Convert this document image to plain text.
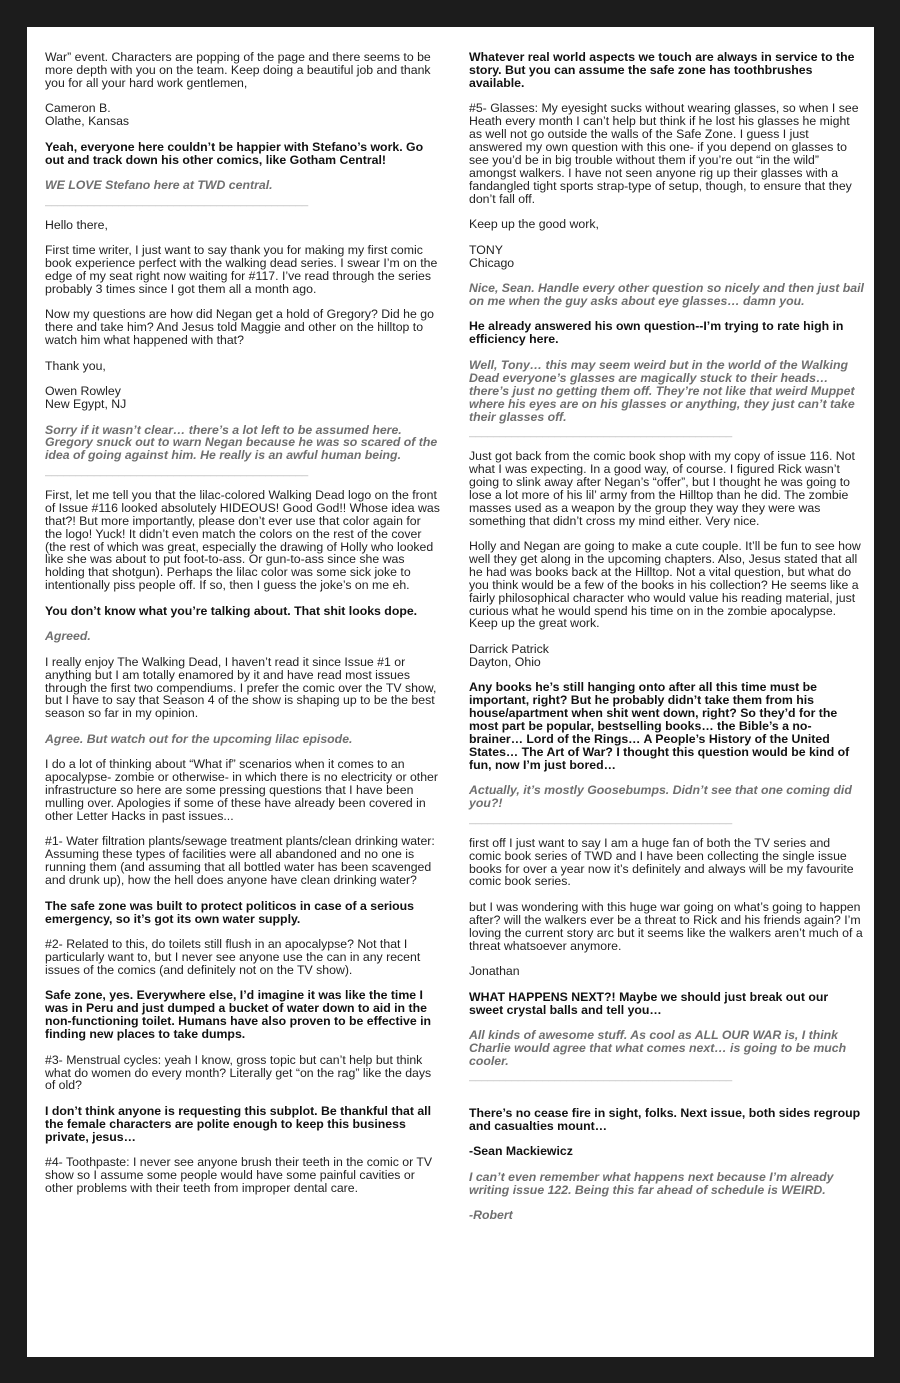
War” event. Characters are popping of the page and there seems to be more depth with you on the team. Keep doing a beautiful job and thank you for all your hard work gentlemen,

Cameron B.
Olathe, Kansas

Yeah, everyone here couldn’t be happier with Stefano’s work. Go out and track down his other comics, like Gotham Central!

WE LOVE Stefano here at TWD central.

___________________________________________

Hello there,

First time writer, I just want to say thank you for making my first comic book experience perfect with the walking dead series. I swear I’m on the edge of my seat right now waiting for #117. I’ve read through the series probably 3 times since I got them all a month ago.

Now my questions are how did Negan get a hold of Gregory? Did he go there and take him? And Jesus told Maggie and other on the hilltop to watch him what happened with that?

Thank you,

Owen Rowley
New Egypt, NJ

Sorry if it wasn’t clear… there’s a lot left to be assumed here. Gregory snuck out to warn Negan because he was so scared of the idea of going against him. He really is an awful human being.

___________________________________________

First, let me tell you that the lilac-colored Walking Dead logo on the front of Issue #116 looked absolutely HIDEOUS! Good God!! Whose idea was that?! But more importantly, please don’t ever use that color again for the logo! Yuck! It didn’t even match the colors on the rest of the cover (the rest of which was great, especially the drawing of Holly who looked like she was about to put foot-to-ass. Or gun-to-ass since she was holding that shotgun). Perhaps the lilac color was some sick joke to intentionally piss people off. If so, then I guess the joke’s on me eh.

You don’t know what you’re talking about. That shit looks dope.

Agreed.

I really enjoy The Walking Dead, I haven’t read it since Issue #1 or anything but I am totally enamored by it and have read most issues through the first two compendiums. I prefer the comic over the TV show, but I have to say that Season 4 of the show is shaping up to be the best season so far in my opinion.

Agree. But watch out for the upcoming lilac episode.

I do a lot of thinking about “What if” scenarios when it comes to an apocalypse- zombie or otherwise- in which there is no electricity or other infrastructure so here are some pressing questions that I have been mulling over. Apologies if some of these have already been covered in other Letter Hacks in past issues...

#1- Water filtration plants/sewage treatment plants/clean drinking water: Assuming these types of facilities were all abandoned and no one is running them (and assuming that all bottled water has been scavenged and drunk up), how the hell does anyone have clean drinking water?

The safe zone was built to protect politicos in case of a serious emergency, so it’s got its own water supply.

#2- Related to this, do toilets still flush in an apocalypse? Not that I particularly want to, but I never see anyone use the can in any recent issues of the comics (and definitely not on the TV show).

Safe zone, yes. Everywhere else, I’d imagine it was like the time I was in Peru and just dumped a bucket of water down to aid in the non-functioning toilet. Humans have also proven to be effective in finding new places to take dumps.

#3- Menstrual cycles: yeah I know, gross topic but can’t help but think what do women do every month? Literally get “on the rag” like the days of old?

I don’t think anyone is requesting this subplot. Be thankful that all the female characters are polite enough to keep this business private, jesus…

#4- Toothpaste: I never see anyone brush their teeth in the comic or TV show so I assume some people would have some painful cavities or other problems with their teeth from improper dental care.

Whatever real world aspects we touch are always in service to the story. But you can assume the safe zone has toothbrushes available.

#5- Glasses: My eyesight sucks without wearing glasses, so when I see Heath every month I can’t help but think if he lost his glasses he might as well not go outside the walls of the Safe Zone. I guess I just answered my own question with this one- if you depend on glasses to see you’d be in big trouble without them if you’re out “in the wild” amongst walkers. I have not seen anyone rig up their glasses with a fandangled tight sports strap-type of setup, though, to ensure that they don’t fall off.

Keep up the good work,

TONY
Chicago

Nice, Sean. Handle every other question so nicely and then just bail on me when the guy asks about eye glasses… damn you.

He already answered his own question--I’m trying to rate high in efficiency here.

Well, Tony… this may seem weird but in the world of the Walking Dead everyone’s glasses are magically stuck to their heads… there’s just no getting them off. They’re not like that weird Muppet where his eyes are on his glasses or anything, they just can’t take their glasses off.

___________________________________________

Just got back from the comic book shop with my copy of issue 116. Not what I was expecting. In a good way, of course. I figured Rick wasn’t going to slink away after Negan’s “offer”, but I thought he was going to lose a lot more of his lil’ army from the Hilltop than he did. The zombie masses used as a weapon by the group they way they were was something that didn’t cross my mind either. Very nice.

Holly and Negan are going to make a cute couple. It’ll be fun to see how well they get along in the upcoming chapters. Also, Jesus stated that all he had was books back at the Hilltop. Not a vital question, but what do you think would be a few of the books in his collection? He seems like a fairly philosophical character who would value his reading material, just curious what he would spend his time on in the zombie apocalypse. Keep up the great work.

Darrick Patrick
Dayton, Ohio

Any books he’s still hanging onto after all this time must be important, right? But he probably didn’t take them from his house/apartment when shit went down, right? So they’d for the most part be popular, bestselling books… the Bible’s a no-brainer… Lord of the Rings… A People’s History of the United States… The Art of War? I thought this question would be kind of fun, now I’m just bored…

Actually, it’s mostly Goosebumps. Didn’t see that one coming did you?!

___________________________________________

first off I just want to say I am a huge fan of both the TV series and comic book series of TWD and I have been collecting the single issue books for over a year now it’s definitely and always will be my favourite comic book series.

but I was wondering with this huge war going on what’s going to happen after? will the walkers ever be a threat to Rick and his friends again? I’m loving the current story arc but it seems like the walkers aren’t much of a threat whatsoever anymore.

Jonathan

WHAT HAPPENS NEXT?! Maybe we should just break out our sweet crystal balls and tell you…

All kinds of awesome stuff. As cool as ALL OUR WAR is, I think Charlie would agree that what comes next… is going to be much cooler.

___________________________________________

There’s no cease fire in sight, folks. Next issue, both sides regroup and casualties mount…

-Sean Mackiewicz

I can’t even remember what happens next because I’m already writing issue 122. Being this far ahead of schedule is WEIRD.

-Robert
